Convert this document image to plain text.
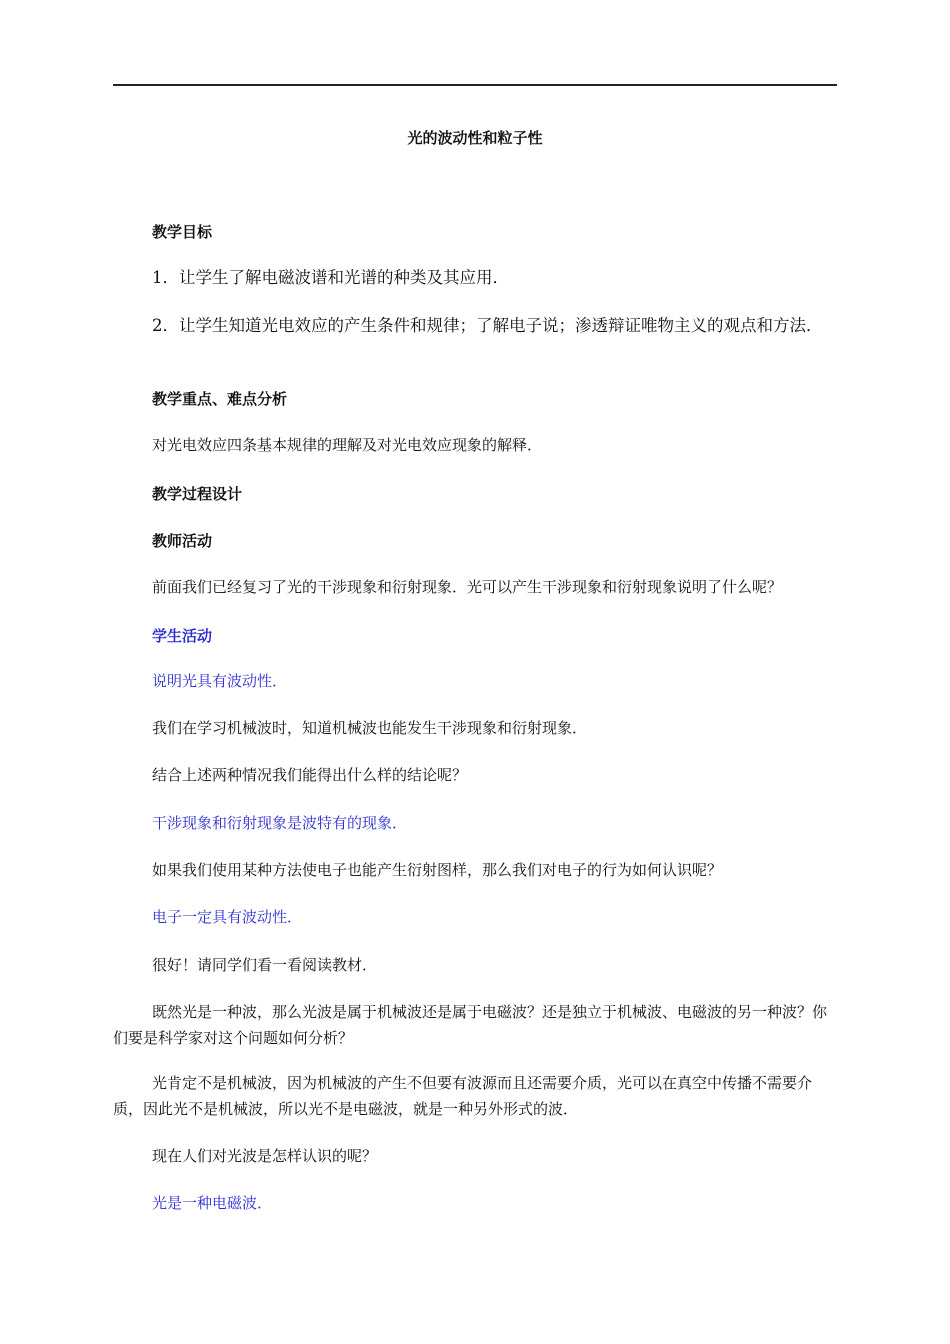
光的波动性和粒子性
教学目标
1．让学生了解电磁波谱和光谱的种类及其应用．
2．让学生知道光电效应的产生条件和规律；了解电子说；渗透辩证唯物主义的观点和方法．
教学重点、难点分析
对光电效应四条基本规律的理解及对光电效应现象的解释．
教学过程设计
教师活动
前面我们已经复习了光的干涉现象和衍射现象．光可以产生干涉现象和衍射现象说明了什么呢？
学生活动
说明光具有波动性．
我们在学习机械波时，知道机械波也能发生干涉现象和衍射现象．
结合上述两种情况我们能得出什么样的结论呢？
干涉现象和衍射现象是波特有的现象．
如果我们使用某种方法使电子也能产生衍射图样，那么我们对电子的行为如何认识呢？
电子一定具有波动性．
很好！请同学们看一看阅读教材．
既然光是一种波，那么光波是属于机械波还是属于电磁波？还是独立于机械波、电磁波的另一种波？你们要是科学家对这个问题如何分析？
光肯定不是机械波，因为机械波的产生不但要有波源而且还需要介质，光可以在真空中传播不需要介质，因此光不是机械波，所以光不是电磁波，就是一种另外形式的波．
现在人们对光波是怎样认识的呢？
光是一种电磁波．
